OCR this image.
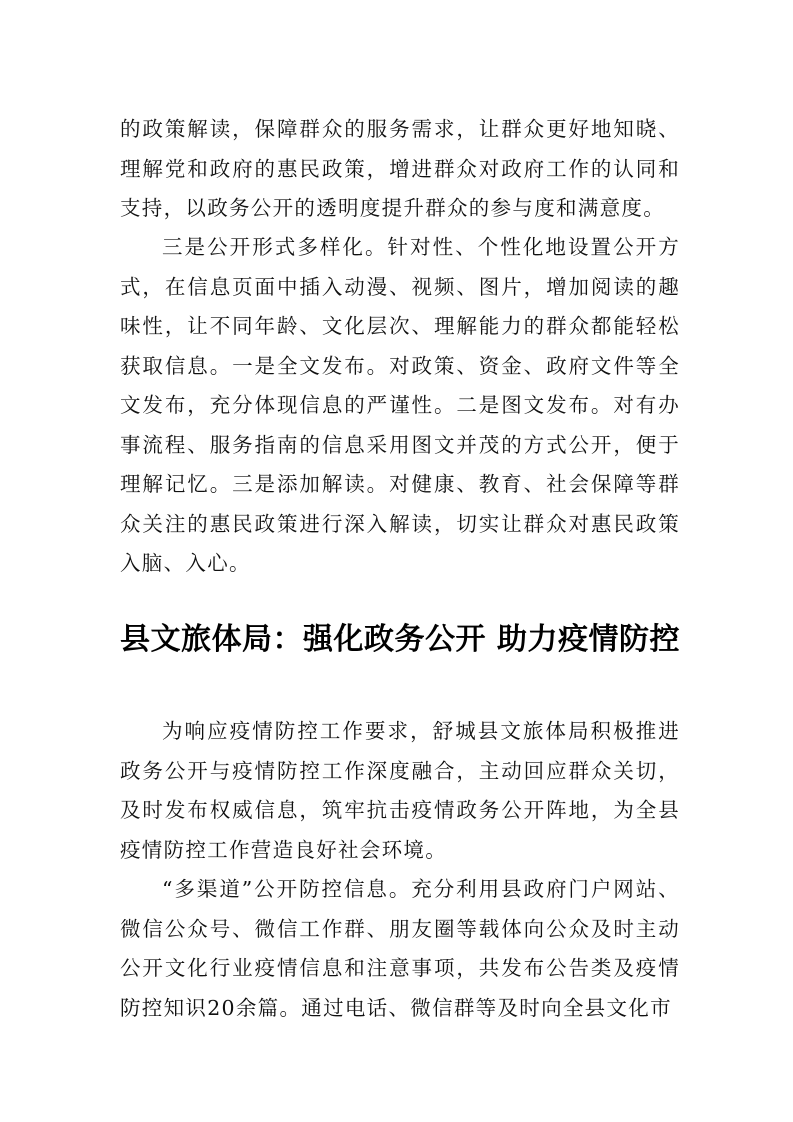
的政策解读，保障群众的服务需求，让群众更好地知晓、理解党和政府的惠民政策，增进群众对政府工作的认同和支持，以政务公开的透明度提升群众的参与度和满意度。

三是公开形式多样化。针对性、个性化地设置公开方式，在信息页面中插入动漫、视频、图片，增加阅读的趣味性，让不同年龄、文化层次、理解能力的群众都能轻松获取信息。一是全文发布。对政策、资金、政府文件等全文发布，充分体现信息的严谨性。二是图文发布。对有办事流程、服务指南的信息采用图文并茂的方式公开，便于理解记忆。三是添加解读。对健康、教育、社会保障等群众关注的惠民政策进行深入解读，切实让群众对惠民政策入脑、入心。

县文旅体局：强化政务公开 助力疫情防控

为响应疫情防控工作要求，舒城县文旅体局积极推进政务公开与疫情防控工作深度融合，主动回应群众关切，及时发布权威信息，筑牢抗击疫情政务公开阵地，为全县疫情防控工作营造良好社会环境。

“多渠道”公开防控信息。充分利用县政府门户网站、微信公众号、微信工作群、朋友圈等载体向公众及时主动公开文化行业疫情信息和注意事项，共发布公告类及疫情防控知识20余篇。通过电话、微信群等及时向全县文化市
